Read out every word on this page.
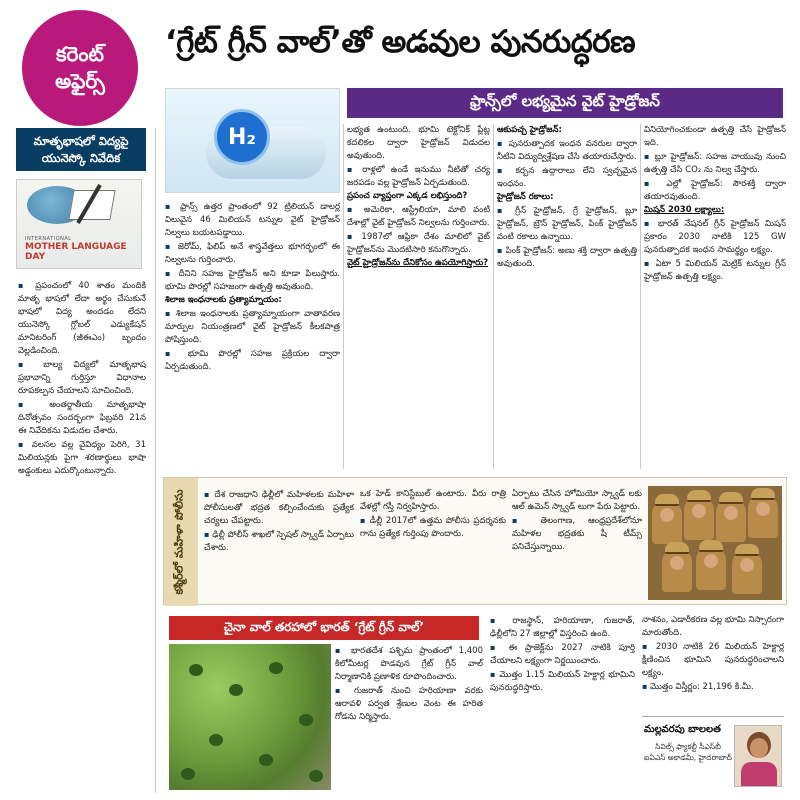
కరెంట్
అఫైర్స్
‘గ్రేట్ గ్రీన్ వాల్’తో అడవుల పునరుద్ధరణ
మాతృభాషలో విద్యపై యునెస్కో నివేదిక
INTERNATIONAL
MOTHER LANGUAGE DAY

▪ ప్రపంచంలో 40 శాతం మందికి మాతృ భాషలో లేదా అర్థం చేసుకునే భాషలో విద్య అందడం లేదని యునెస్కో గ్లోబల్ ఎడ్యుకేషన్ మానిటరింగ్ (జీఈఎం) బృందం వెల్లడించింది.

▪ బాల్య విద్యలో మాతృభాష ప్రభావాన్ని గుర్తిస్తూ విధానాల రూపకల్పన చేయాలని సూచించింది.

▪ అంతర్జాతీయ మాతృభాషా దినోత్సవం సందర్భంగా ఫిబ్రవరి 21న ఈ నివేదికను విడుదల చేశారు.

▪ వలసల వల్ల వైవిధ్యం పెరిగి, 31 మిలియన్లకు పైగా శరణార్థులు భాషా అడ్డంకులు ఎదుర్కొంటున్నారు.

H₂
ఫ్రాన్స్‌లో లభ్యమైన వైట్ హైడ్రోజన్

▪ ఫ్రాన్స్ ఉత్తర ప్రాంతంలో 92 ట్రిలియన్ డాలర్ల విలువైన 46 మిలియన్ టన్నుల వైట్ హైడ్రోజన్ నిల్వలు బయటపడ్డాయి.

▪ జెరోమ్, ఫిలిప్ అనే శాస్త్రవేత్తలు భూగర్భంలో ఈ నిల్వలను గుర్తించారు.

▪ దీనిని సహజ హైడ్రోజన్ అని కూడా పిలుస్తారు. భూమి పొరల్లో సహజంగా ఉత్పత్తి అవుతుంది.

శిలాజ ఇంధనాలకు ప్రత్యామ్నాయం:

▪ శిలాజ ఇంధనాలకు ప్రత్యామ్నాయంగా వాతావరణ మార్పుల నియంత్రణలో వైట్ హైడ్రోజన్ కీలకపాత్ర పోషిస్తుంది.

▪ భూమి పొరల్లో సహజ ప్రక్రియల ద్వారా ఏర్పడుతుంది.

లభ్యత ఉంటుంది. భూమి టెక్టోనిక్ ప్లేట్ల కదలికల ద్వారా హైడ్రోజన్ విడుదల అవుతుంది.

▪ రాళ్లలో ఉండే ఇనుము నీటితో చర్య జరపడం వల్ల హైడ్రోజన్ ఏర్పడుతుంది.

ప్రపంచ వ్యాప్తంగా ఎక్కడ లభిస్తుంది?

▪ అమెరికా, ఆస్ట్రేలియా, మాలి వంటి దేశాల్లో వైట్ హైడ్రోజన్ నిల్వలను గుర్తించారు.

▪ 1987లో ఆఫ్రికా దేశం మాలిలో వైట్ హైడ్రోజన్‌ను మొదటిసారి కనుగొన్నారు.

వైట్ హైడ్రోజన్‌ను దేనికోసం ఉపయోగిస్తారు?

ఆకుపచ్చ హైడ్రోజన్:

▪ పునరుత్పాదక ఇంధన వనరుల ద్వారా నీటిని విద్యుద్విశ్లేషణ చేసి తయారుచేస్తారు.

▪ కర్బన ఉద్గారాలు లేని స్వచ్ఛమైన ఇంధనం.

హైడ్రోజన్ రకాలు:

▪ గ్రీన్ హైడ్రోజన్, గ్రే హైడ్రోజన్, బ్లూ హైడ్రోజన్, బ్రౌన్ హైడ్రోజన్, పింక్ హైడ్రోజన్ వంటి రకాలు ఉన్నాయి.

▪ పింక్ హైడ్రోజన్: అణు శక్తి ద్వారా ఉత్పత్తి అవుతుంది.

వినియోగించకుండా ఉత్పత్తి చేసే హైడ్రోజన్ ఇది.

▪ బ్లూ హైడ్రోజన్: సహజ వాయువు నుంచి ఉత్పత్తి చేసి CO₂ ను నిల్వ చేస్తారు.

▪ ఎల్లో హైడ్రోజన్: సౌరశక్తి ద్వారా తయారవుతుంది.

మిషన్ 2030 లక్ష్యాలు:

▪ భారత్ నేషనల్ గ్రీన్ హైడ్రోజన్ మిషన్ ప్రకారం 2030 నాటికి 125 GW పునరుత్పాదక ఇంధన సామర్థ్యం లక్ష్యం.

▪ ఏటా 5 మిలియన్ మెట్రిక్ టన్నుల గ్రీన్ హైడ్రోజన్ ఉత్పత్తి లక్ష్యం.

కశ్మీర్‌లో మహిళా పోలీసు

▪	దేశ రాజధాని ఢిల్లీలో మహిళలకు మహిళా పోలీసులతో భద్రత కల్పించేందుకు ప్రత్యేక చర్యలు చేపట్టారు.

▪ ఢిల్లీ పోలీస్ శాఖలో స్పెషల్ స్క్వాడ్ ఏర్పాటు చేశారు.

ఒక హెడ్ కానిస్టేబుల్ ఉంటారు. వీరు రాత్రి వేళల్లో గస్తీ నిర్వహిస్తారు.

▪ డీల్లీ 2017లో ఉత్తమ పోలీసు ప్రదర్శనకు గాను ప్రత్యేక గుర్తింపు పొందారు.

ఏర్పాటు చేసిన హోమియో స్క్వాడ్ లకు ఆల్ ఉమెన్ స్క్వాడ్ లుగా పేరు పెట్టారు.

▪ తెలంగాణ, ఆంధ్రప్రదేశ్‌లోనూ మహిళల భద్రతకు షీ టీమ్స్ పనిచేస్తున్నాయి.

చైనా వాల్ తరహాలో భారత్ ‘గ్రేట్ గ్రీన్ వాల్’

▪ భారతదేశ పశ్చిమ ప్రాంతంలో 1,400 కిలోమీటర్ల పొడవున గ్రేట్ గ్రీన్ వాల్ నిర్మాణానికి ప్రణాళిక రూపొందించారు.

▪ గుజరాత్ నుంచి హరియాణా వరకు ఆరావళి పర్వత శ్రేణుల వెంట ఈ హరిత గోడను నిర్మిస్తారు.

▪ రాజస్థాన్, హరియాణా, గుజరాత్, ఢిల్లీలోని 27 జిల్లాల్లో విస్తరించి ఉంది.

▪ ఈ ప్రాజెక్ట్‌ను 2027 నాటికి పూర్తి చేయాలని లక్ష్యంగా నిర్ణయించారు.

▪ మొత్తం 1.15 మిలియన్ హెక్టార్ల భూమిని పునరుద్ధరిస్తారు.

నాశనం, ఎడారీకరణ వల్ల భూమి నిస్సారంగా మారుతోంది.

▪ 2030 నాటికి 26 మిలియన్ హెక్టార్ల క్షీణించిన భూమిని పునరుద్ధరించాలని లక్ష్యం.

▪ మొత్తం విస్తీర్ణం: 21,196 కి.మీ.

మల్లవరపు బాలలత
సివిల్స్ ఫ్యాకల్టీ సీఎస్‌బీ ఐఏఎస్ అకాడమీ, హైదరాబాద్
